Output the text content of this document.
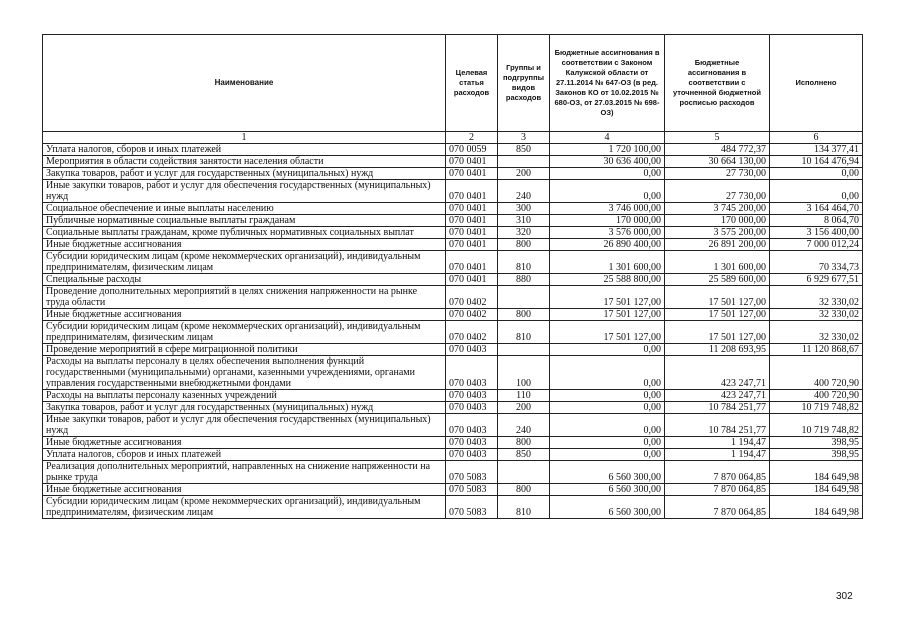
Наименование	Целевая статья расходов	Группы и подгруппы видов расходов	Бюджетные ассигнования в соответствии с Законом Калужской области от 27.11.2014 № 647-ОЗ (в ред. Законов КО от 10.02.2015 № 680-ОЗ, от 27.03.2015 № 698-ОЗ)	Бюджетные ассигнования в соответствии с уточненной бюджетной росписью расходов	Исполнено
1	2	3	4	5	6
Уплата налогов, сборов и иных платежей	070 0059	850	1 720 100,00	484 772,37	134 377,41
Мероприятия в области содействия занятости населения области	070 0401		30 636 400,00	30 664 130,00	10 164 476,94
Закупка товаров, работ и услуг для государственных (муниципальных) нужд	070 0401	200	0,00	27 730,00	0,00
Иные закупки товаров, работ и услуг для обеспечения государственных (муниципальных) нужд	070 0401	240	0,00	27 730,00	0,00
Социальное обеспечение и иные выплаты населению	070 0401	300	3 746 000,00	3 745 200,00	3 164 464,70
Публичные нормативные социальные выплаты гражданам	070 0401	310	170 000,00	170 000,00	8 064,70
Социальные выплаты гражданам, кроме публичных нормативных социальных выплат	070 0401	320	3 576 000,00	3 575 200,00	3 156 400,00
Иные бюджетные ассигнования	070 0401	800	26 890 400,00	26 891 200,00	7 000 012,24
Субсидии юридическим лицам (кроме некоммерческих организаций), индивидуальным предпринимателям, физическим лицам	070 0401	810	1 301 600,00	1 301 600,00	70 334,73
Специальные расходы	070 0401	880	25 588 800,00	25 589 600,00	6 929 677,51
Проведение дополнительных мероприятий в целях снижения напряженности на рынке труда области	070 0402		17 501 127,00	17 501 127,00	32 330,02
Иные бюджетные ассигнования	070 0402	800	17 501 127,00	17 501 127,00	32 330,02
Субсидии юридическим лицам (кроме некоммерческих организаций), индивидуальным предпринимателям, физическим лицам	070 0402	810	17 501 127,00	17 501 127,00	32 330,02
Проведение мероприятий в сфере миграционной политики	070 0403		0,00	11 208 693,95	11 120 868,67
Расходы на выплаты персоналу в целях обеспечения выполнения функций государственными (муниципальными) органами, казенными учреждениями, органами управления государственными внебюджетными фондами	070 0403	100	0,00	423 247,71	400 720,90
Расходы на выплаты персоналу казенных учреждений	070 0403	110	0,00	423 247,71	400 720,90
Закупка товаров, работ и услуг для государственных (муниципальных) нужд	070 0403	200	0,00	10 784 251,77	10 719 748,82
Иные закупки товаров, работ и услуг для обеспечения государственных (муниципальных) нужд	070 0403	240	0,00	10 784 251,77	10 719 748,82
Иные бюджетные ассигнования	070 0403	800	0,00	1 194,47	398,95
Уплата налогов, сборов и иных платежей	070 0403	850	0,00	1 194,47	398,95
Реализация дополнительных мероприятий, направленных на снижение напряженности на рынке труда	070 5083		6 560 300,00	7 870 064,85	184 649,98
Иные бюджетные ассигнования	070 5083	800	6 560 300,00	7 870 064,85	184 649,98
Субсидии юридическим лицам (кроме некоммерческих организаций), индивидуальным предпринимателям, физическим лицам	070 5083	810	6 560 300,00	7 870 064,85	184 649,98
302
